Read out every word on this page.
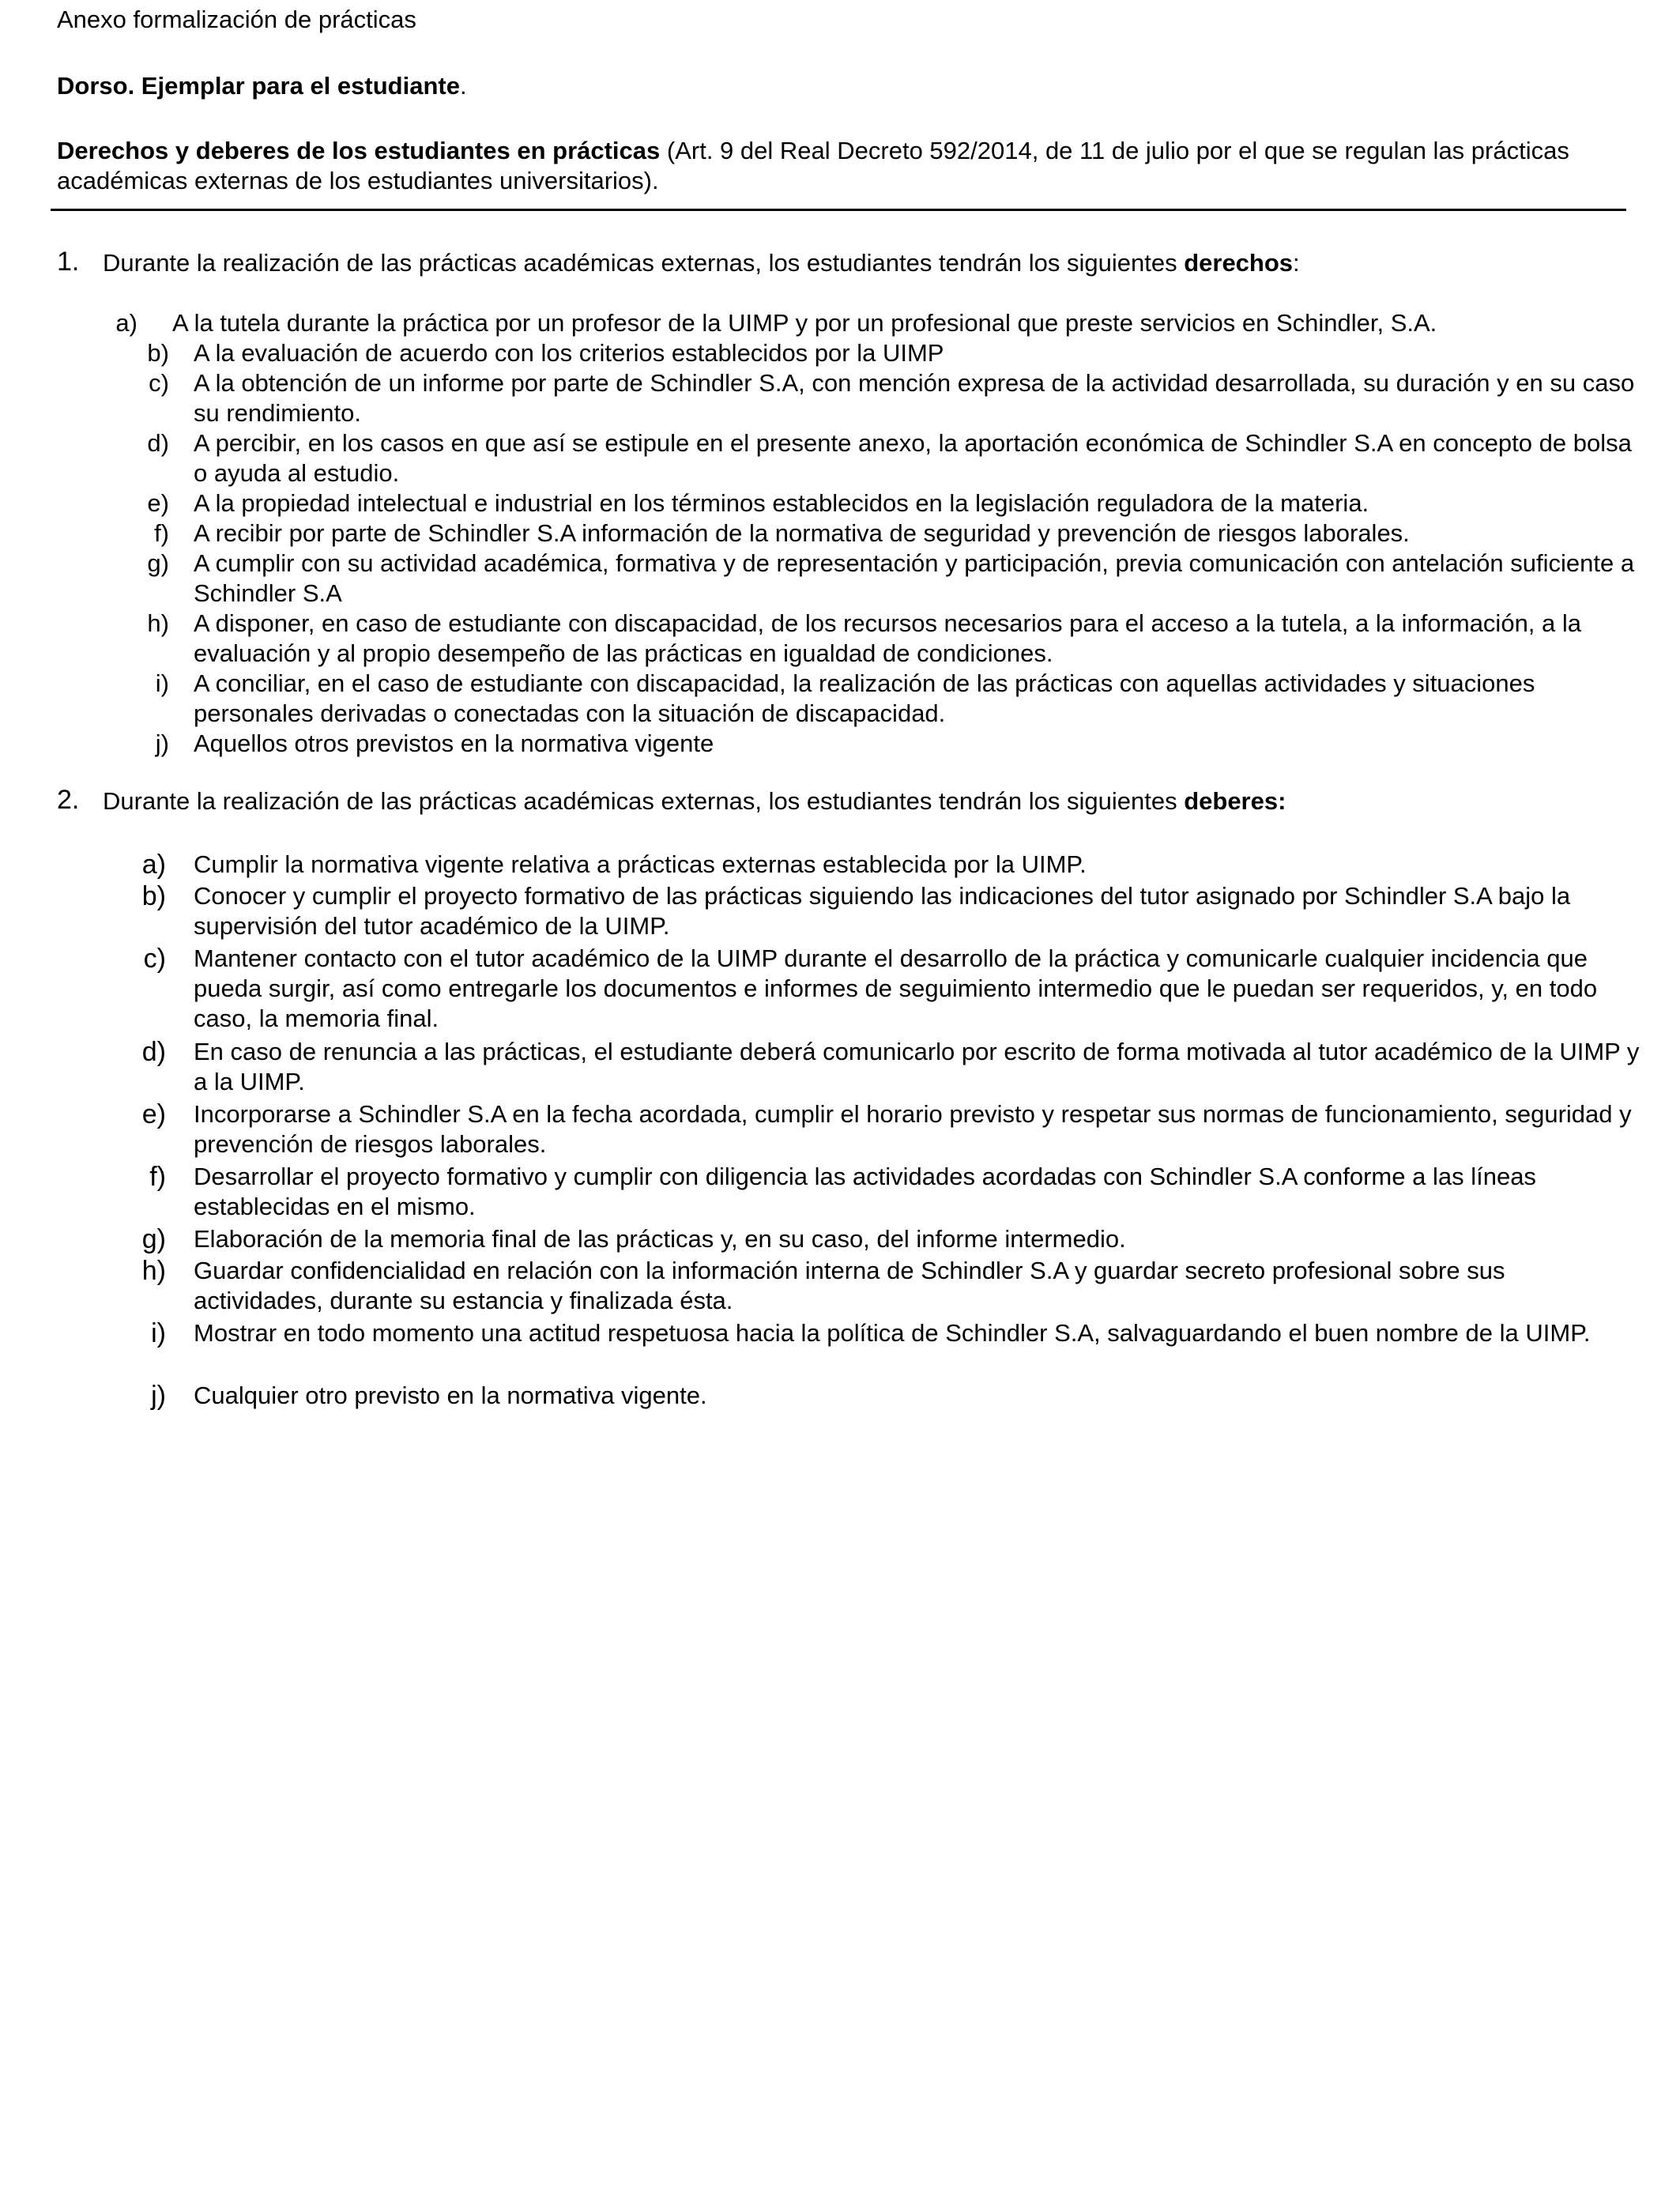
Anexo formalización de prácticas
Dorso. Ejemplar para el estudiante.
Derechos y deberes de los estudiantes en prácticas (Art. 9 del Real Decreto 592/2014, de 11 de julio por el que se regulan las prácticas académicas externas de los estudiantes universitarios).
1. Durante la realización de las prácticas académicas externas, los estudiantes tendrán los siguientes derechos:
a) A la tutela durante la práctica por un profesor de la UIMP y por un profesional que preste servicios en Schindler, S.A.
b) A la evaluación de acuerdo con los criterios establecidos por la UIMP
c) A la obtención de un informe por parte de Schindler S.A, con mención expresa de la actividad desarrollada, su duración y en su caso su rendimiento.
d) A percibir, en los casos en que así se estipule en el presente anexo, la aportación económica de Schindler S.A en concepto de bolsa o ayuda al estudio.
e) A la propiedad intelectual e industrial en los términos establecidos en la legislación reguladora de la materia.
f) A recibir por parte de Schindler S.A información de la normativa de seguridad y prevención de riesgos laborales.
g) A cumplir con su actividad académica, formativa y de representación y participación, previa comunicación con antelación suficiente a Schindler S.A
h) A disponer, en caso de estudiante con discapacidad, de los recursos necesarios para el acceso a la tutela, a la información, a la evaluación y al propio desempeño de las prácticas en igualdad de condiciones.
i) A conciliar, en el caso de estudiante con discapacidad, la realización de las prácticas con aquellas actividades y situaciones personales derivadas o conectadas con la situación de discapacidad.
j) Aquellos otros previstos en la normativa vigente
2. Durante la realización de las prácticas académicas externas, los estudiantes tendrán los siguientes deberes:
a) Cumplir la normativa vigente relativa a prácticas externas establecida por la UIMP.
b) Conocer y cumplir el proyecto formativo de las prácticas siguiendo las indicaciones del tutor asignado por Schindler S.A bajo la supervisión del tutor académico de la UIMP.
c) Mantener contacto con el tutor académico de la UIMP durante el desarrollo de la práctica y comunicarle cualquier incidencia que pueda surgir, así como entregarle los documentos e informes de seguimiento intermedio que le puedan ser requeridos, y, en todo caso, la memoria final.
d) En caso de renuncia a las prácticas, el estudiante deberá comunicarlo por escrito de forma motivada al tutor académico de la UIMP y a la UIMP.
e) Incorporarse a Schindler S.A en la fecha acordada, cumplir el horario previsto y respetar sus normas de funcionamiento, seguridad y prevención de riesgos laborales.
f) Desarrollar el proyecto formativo y cumplir con diligencia las actividades acordadas con Schindler S.A conforme a las líneas establecidas en el mismo.
g) Elaboración de la memoria final de las prácticas y, en su caso, del informe intermedio.
h) Guardar confidencialidad en relación con la información interna de Schindler S.A y guardar secreto profesional sobre sus actividades, durante su estancia y finalizada ésta.
i) Mostrar en todo momento una actitud respetuosa hacia la política de Schindler S.A, salvaguardando el buen nombre de la UIMP.
j) Cualquier otro previsto en la normativa vigente.
